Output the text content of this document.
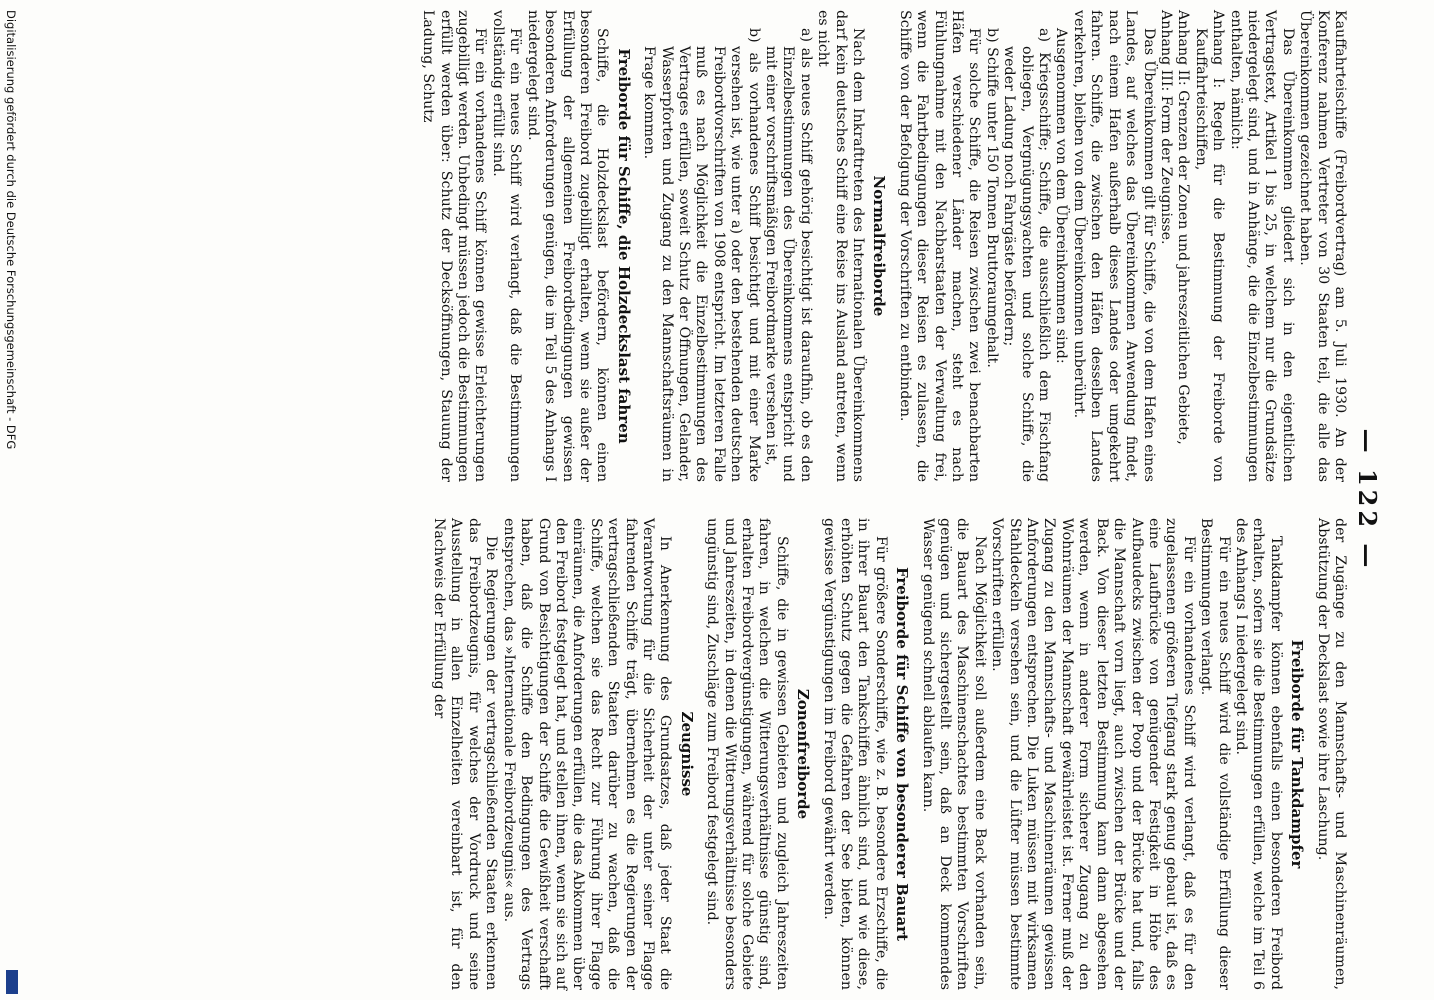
— 122 —

Kauffahrteischiffe (Freibordvertrag) am 5. Juli 1930. An der Konferenz nahmen Vertreter von 30 Staaten teil, die alle das Übereinkommen gezeichnet haben.

Das Übereinkommen gliedert sich in den eigentlichen Vertragstext, Artikel 1 bis 25, in welchem nur die Grundsätze niedergelegt sind, und in Anhänge, die die Einzelbestimmungen enthalten, nämlich:

Anhang I: Regeln für die Bestimmung der Freiborde von Kauffahrteischiffen,

Anhang II: Grenzen der Zonen und jahreszeitlichen Gebiete,

Anhang III: Form der Zeugnisse.

Das Übereinkommen gilt für Schiffe, die von dem Hafen eines Landes, auf welches das Übereinkommen Anwendung findet, nach einem Hafen außerhalb dieses Landes oder umgekehrt fahren. Schiffe, die zwischen den Häfen desselben Landes verkehren, bleiben von dem Übereinkommen unberührt.

Ausgenommen von dem Übereinkommen sind:

a) Kriegsschiffe; Schiffe, die ausschließlich dem Fischfang obliegen, Vergnügungsyachten und solche Schiffe, die weder Ladung noch Fahrgäste befördern;

b) Schiffe unter 150 Tonnen Bruttoraumgehalt.

Für solche Schiffe, die Reisen zwischen zwei benachbarten Häfen verschiedener Länder machen, steht es nach Fühlungnahme mit den Nachbarstaaten der Verwaltung frei, wenn die Fahrtbedingungen dieser Reisen es zulassen, die Schiffe von der Befolgung der Vorschriften zu entbinden.

Normalfreiborde

Nach dem Inkrafttreten des Internationalen Übereinkommens darf kein deutsches Schiff eine Reise ins Ausland antreten, wenn es nicht

a) als neues Schiff gehörig besichtigt ist daraufhin, ob es den Einzelbestimmungen des Übereinkommens entspricht und mit einer vorschriftsmäßigen Freibordmarke versehen ist,

b) als vorhandenes Schiff besichtigt und mit einer Marke versehen ist, wie unter a) oder den bestehenden deutschen Freibordvorschriften von 1908 entspricht. Im letzteren Falle muß es nach Möglichkeit die Einzelbestimmungen des Vertrages erfüllen, soweit Schutz der Öffnungen, Gelander, Wasserpforten und Zugang zu den Mannschaftsräumen in Frage kommen.

Freiborde für Schiffe, die Holzdeckslast fahren

Schiffe, die Holzdeckslast befördern, können einen besonderen Freibord zugebilligt erhalten, wenn sie außer der Erfüllung der allgemeinen Freibordbedingungen gewissen besonderen Anforderungen genügen, die im Teil 5 des Anhangs I niedergelegt sind.

Für ein neues Schiff wird verlangt, daß die Bestimmungen vollständig erfüllt sind.

Für ein vorhandenes Schiff können gewisse Erleichterungen zugebilligt werden. Unbedingt müssen jedoch die Bestimmungen erfüllt werden über: Schutz der Decksöffnungen, Stauung der Ladung, Schutz

der Zugänge zu den Mannschafts- und Maschinenräumen, Abstützung der Deckslast sowie ihre Laschung.

Freiborde für Tankdampfer

Tankdampfer können ebenfalls einen besonderen Freibord erhalten, sofern sie die Bestimmungen erfüllen, welche im Teil 6 des Anhangs I niedergelegt sind.

Für ein neues Schiff wird die vollständige Erfüllung dieser Bestimmungen verlangt.

Für ein vorhandenes Schiff wird verlangt, daß es für den zugelassenen größeren Tiefgang stark genug gebaut ist, daß es eine Laufbrücke von genügender Festigkeit in Höhe des Aufbaudecks zwischen der Poop und der Brücke hat und, falls die Mannschaft vorn liegt, auch zwischen der Brücke und der Back. Von dieser letzten Bestimmung kann dann abgesehen werden, wenn in anderer Form sicherer Zugang zu den Wohnräumen der Mannschaft gewährleistet ist. Ferner muß der Zugang zu den Mannschafts- und Maschinenräumen gewissen Anforderungen entsprechen. Die Luken müssen mit wirksamen Stahldeckeln versehen sein, und die Lüfter müssen bestimmte Vorschriften erfüllen.

Nach Möglichkeit soll außerdem eine Back vorhanden sein, die Bauart des Maschinenschachtes bestimmten Vorschriften genügen und sichergestellt sein, daß an Deck kommendes Wasser genügend schnell ablaufen kann.

Freiborde für Schiffe von besonderer Bauart

Für größere Sonderschiffe, wie z. B. besondere Erzschiffe, die in ihrer Bauart den Tankschiffen ähnlich sind, und wie diese, erhöhten Schutz gegen die Gefahren der See bieten, können gewisse Vergünstigungen im Freibord gewährt werden.

Zonenfreiborde

Schiffe, die in gewissen Gebieten und zugleich Jahreszeiten fahren, in welchen die Witterungsverhältnisse günstig sind, erhalten Freibordvergünstigungen, während für solche Gebiete und Jahreszeiten, in denen die Witterungsverhältnisse besonders ungünstig sind, Zuschläge zum Freibord festgelegt sind.

Zeugnisse

In Anerkennung des Grundsatzes, daß jeder Staat die Verantwortung für die Sicherheit der unter seiner Flagge fahrenden Schiffe trägt, übernehmen es die Regierungen der vertragschließenden Staaten darüber zu wachen, daß die Schiffe, welchen sie das Recht zur Führung ihrer Flagge einräumen, die Anforderungen erfüllen, die das Abkommen über den Freibord festgelegt hat, und stellen ihnen, wenn sie sich auf Grund von Besichtigungen der Schiffe die Gewißheit verschafft haben, daß die Schiffe den Bedingungen des Vertrags entsprechen, das »Internationale Freibordzeugnis« aus.

Die Regierungen der vertragschließenden Staaten erkennen das Freibordzeugnis, für welches der Vordruck und seine Ausstellung in allen Einzelheiten vereinbart ist, für den Nachweis der Erfüllung der

Digitalisierung gefördert durch die Deutsche Forschungsgemeinschaft - DFG
